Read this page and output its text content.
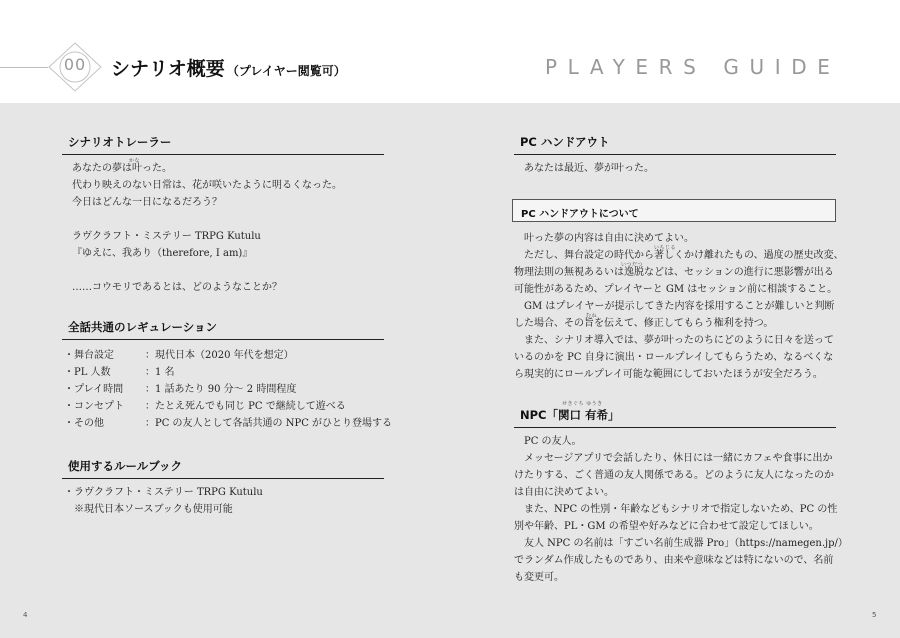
00	シナリオ概要 （プレイヤー閲覧可）	PLAYERS GUIDE
シナリオトレーラー
かな
あなたの夢は叶った。
代わり映えのない日常は、花が咲いたように明るくなった。
今日はどんな一日になるだろう？
ラヴクラフト・ミステリー TRPG Kutulu
『ゆえに、我あり（therefore, I am)』
……コウモリであるとは、どのようなことか？
全話共通のレギュレーション
・舞台設定	：現代日本（2020 年代を想定）
・PL 人数	：1 名
・プレイ時間 ：1 話あたり 90 分〜 2 時間程度
・コンセプト ：たとえ死んでも同じ PC で継続して遊べる
・その他	：PC の友人として各話共通の NPC がひとり登場する
使用するルールブック
・ラヴクラフト・ミステリー TRPG Kutulu
　※現代日本ソースブックも使用可能
PC ハンドアウト
あなたは最近、夢が叶った。
PC ハンドアウトについて
いちじる
いつだつ
むね
叶った夢の内容は自由に決めてよい。
ただし、舞台設定の時代から著しくかけ離れたもの、過度の歴史改変、
物理法則の無視あるいは逸脱などは、セッションの進行に悪影響が出る
可能性があるため、プレイヤーと GM はセッション前に相談すること。
GM はプレイヤーが提示してきた内容を採用することが難しいと判断
した場合、その旨を伝えて、修正してもらう権利を持つ。
また、シナリオ導入では、夢が叶ったのちにどのように日々を送って
いるのかを PC 自身に演出・ロールプレイしてもらうため、なるべくな
ら現実的にロールプレイ可能な範囲にしておいたほうが安全だろう。
せきぐち ゆうき
NPC「関口 有希」
PC の友人。
メッセージアプリで会話したり、休日には一緒にカフェや食事に出か
けたりする、ごく普通の友人関係である。どのように友人になったのか
は自由に決めてよい。
また、NPC の性別・年齢などもシナリオで指定しないため、PC の性
別や年齢、PL・GM の希望や好みなどに合わせて設定してほしい。
友人 NPC の名前は「すごい名前生成器 Pro」（https://namegen.jp/）
でランダム作成したものであり、由来や意味などは特にないので、名前
も変更可。
4	5
